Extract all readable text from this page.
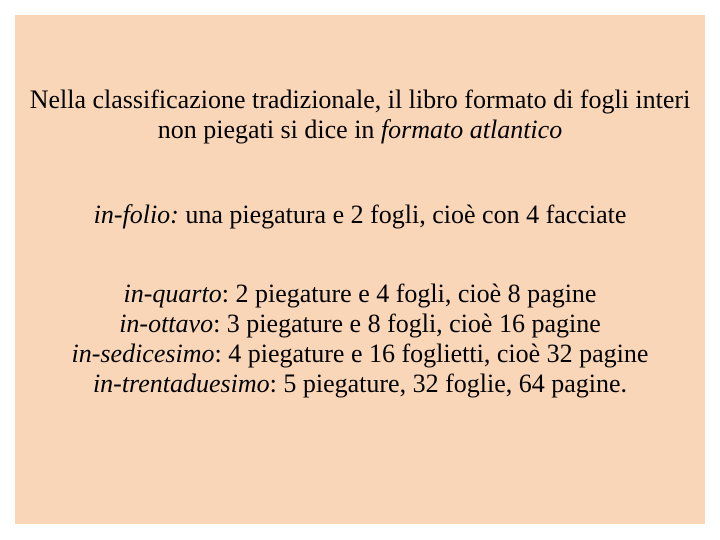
Nella classificazione tradizionale, il libro formato di fogli interi non piegati si dice in formato atlantico
in-folio: una piegatura e 2 fogli, cioè con 4 facciate
in-quarto: 2 piegature e 4 fogli, cioè 8 pagine
in-ottavo: 3 piegature e 8 fogli, cioè 16 pagine
in-sedicesimo: 4 piegature e 16 foglietti, cioè 32 pagine
in-trentaduesimo: 5 piegature, 32 foglie, 64 pagine.
